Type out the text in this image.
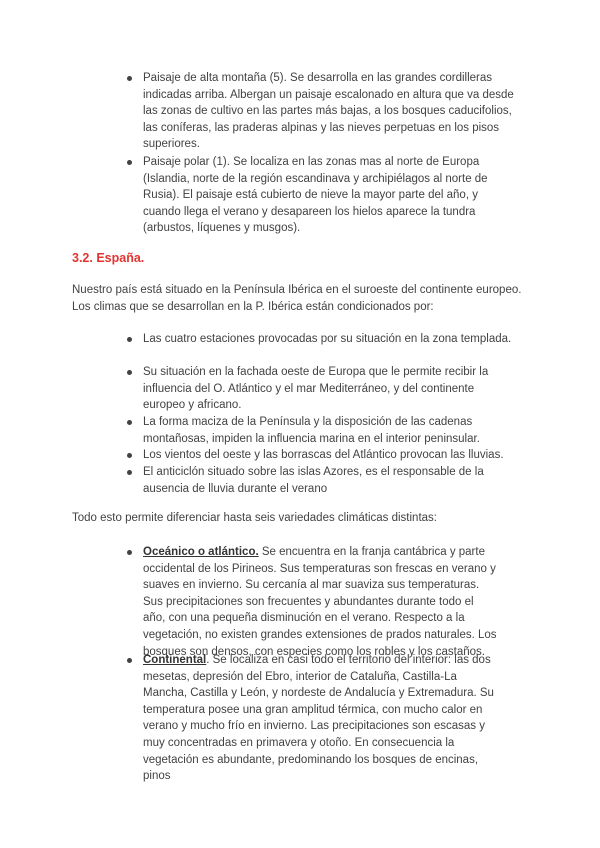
Paisaje de alta montaña (5). Se desarrolla en las grandes cordilleras indicadas arriba. Albergan un paisaje escalonado en altura que va desde las zonas de cultivo en las partes más bajas, a los bosques caducifolios, las coníferas, las praderas alpinas y las nieves perpetuas en los pisos superiores.
Paisaje polar (1). Se localiza en las zonas mas al norte de Europa (Islandia, norte de la región escandinava y archipiélagos al norte de Rusia). El paisaje está cubierto de nieve la mayor parte del año, y cuando llega el verano y desapareen los hielos aparece la tundra (arbustos, líquenes y musgos).
3.2. España.

Nuestro país está situado en la Península Ibérica en el suroeste del continente europeo. Los climas que se desarrollan en la P. Ibérica están condicionados por:

Las cuatro estaciones provocadas por su situación en la zona templada.
Su situación en la fachada oeste de Europa que le permite recibir la influencia del O. Atlántico y el mar Mediterráneo, y del continente europeo y africano.
La forma maciza de la Península y la disposición de las cadenas montañosas, impiden la influencia marina en el interior peninsular.
Los vientos del oeste y las borrascas del Atlántico provocan las lluvias.
El anticiclón situado sobre las islas Azores, es el responsable de la ausencia de lluvia durante el verano

Todo esto permite diferenciar hasta seis variedades climáticas distintas:

Oceánico o atlántico. Se encuentra en la franja cantábrica y parte occidental de los Pirineos. Sus temperaturas son frescas en verano y suaves en invierno. Su cercanía al mar suaviza sus temperaturas. Sus precipitaciones son frecuentes y abundantes durante todo el año, con una pequeña disminución en el verano. Respecto a la vegetación, no existen grandes extensiones de prados naturales. Los bosques son densos, con especies como los robles y los castaños.
Continental. Se localiza en casi todo el territorio del interior: las dos mesetas, depresión del Ebro, interior de Cataluña, Castilla-La Mancha, Castilla y León, y nordeste de Andalucía y Extremadura. Su temperatura posee una gran amplitud térmica, con mucho calor en verano y mucho frío en invierno. Las precipitaciones son escasas y muy concentradas en primavera y otoño. En consecuencia la vegetación es abundante, predominando los bosques de encinas, pinos
